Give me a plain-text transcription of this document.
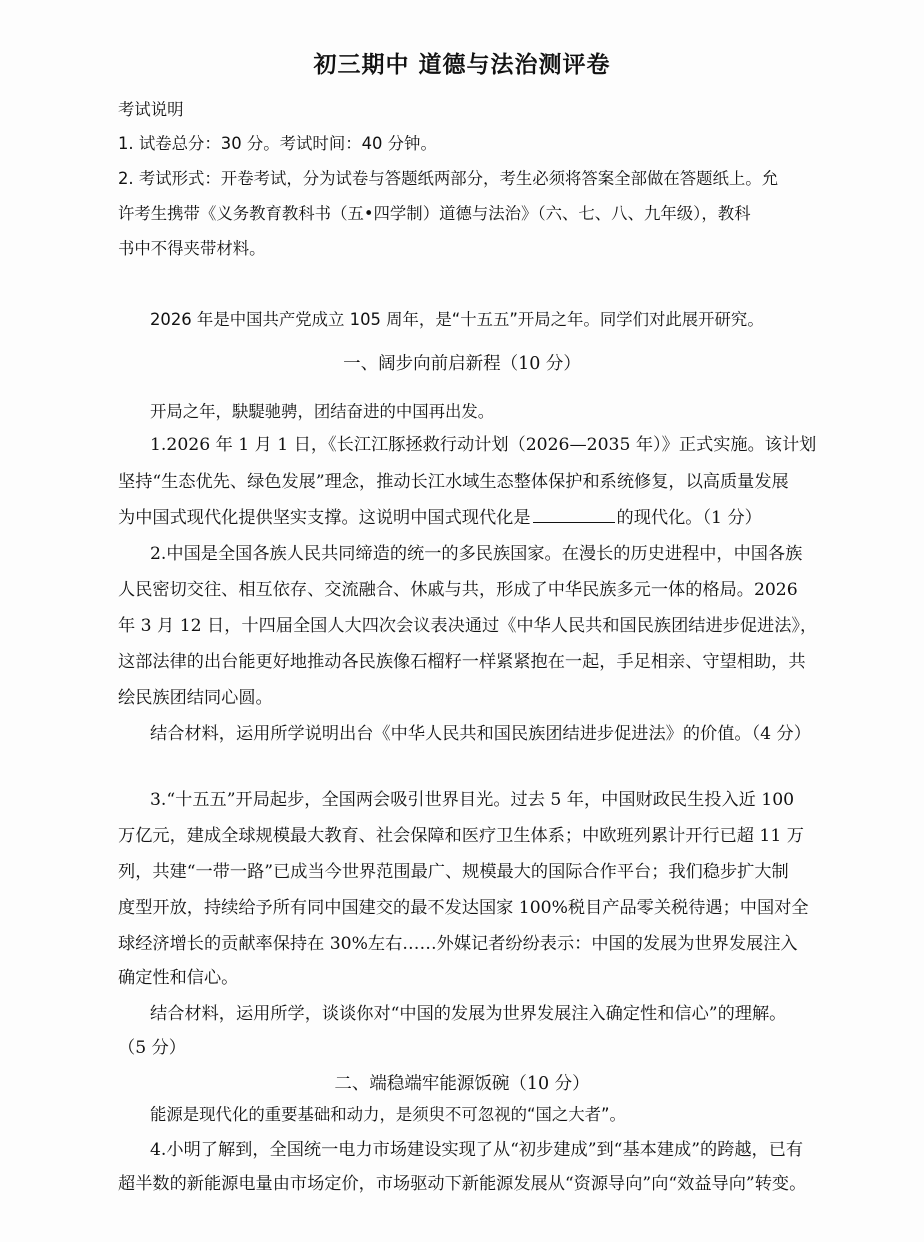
初三期中 道德与法治测评卷
考试说明
1. 试卷总分：30 分。考试时间：40 分钟。
2. 考试形式：开卷考试，分为试卷与答题纸两部分，考生必须将答案全部做在答题纸上。允
许考生携带《义务教育教科书（五•四学制）道德与法治》（六、七、八、九年级），教科
书中不得夹带材料。
2026 年是中国共产党成立 105 周年，是“十五五”开局之年。同学们对此展开研究。
一、阔步向前启新程（10 分）
开局之年，駃騠驰骋，团结奋进的中国再出发。
1.2026 年 1 月 1 日，《长江江豚拯救行动计划（2026—2035 年）》正式实施。该计划
坚持“生态优先、绿色发展”理念，推动长江水域生态整体保护和系统修复，以高质量发展
为中国式现代化提供坚实支撑。这说明中国式现代化是	的现代化。（1 分）
2.中国是全国各族人民共同缔造的统一的多民族国家。在漫长的历史进程中，中国各族
人民密切交往、相互依存、交流融合、休戚与共，形成了中华民族多元一体的格局。2026
年 3 月 12 日，十四届全国人大四次会议表决通过《中华人民共和国民族团结进步促进法》，
这部法律的出台能更好地推动各民族像石榴籽一样紧紧抱在一起，手足相亲、守望相助，共
绘民族团结同心圆。
结合材料，运用所学说明出台《中华人民共和国民族团结进步促进法》的价值。（4 分）
3.“十五五”开局起步，全国两会吸引世界目光。过去 5 年，中国财政民生投入近 100
万亿元，建成全球规模最大教育、社会保障和医疗卫生体系；中欧班列累计开行已超 11 万
列，共建“一带一路”已成当今世界范围最广、规模最大的国际合作平台；我们稳步扩大制
度型开放，持续给予所有同中国建交的最不发达国家 100%税目产品零关税待遇；中国对全
球经济增长的贡献率保持在 30%左右……外媒记者纷纷表示：中国的发展为世界发展注入
确定性和信心。
结合材料，运用所学，谈谈你对“中国的发展为世界发展注入确定性和信心”的理解。
（5 分）
二、端稳端牢能源饭碗（10 分）
能源是现代化的重要基础和动力，是须臾不可忽视的“国之大者”。
4.小明了解到，全国统一电力市场建设实现了从“初步建成”到“基本建成”的跨越，已有
超半数的新能源电量由市场定价，市场驱动下新能源发展从“资源导向”向“效益导向”转变。
